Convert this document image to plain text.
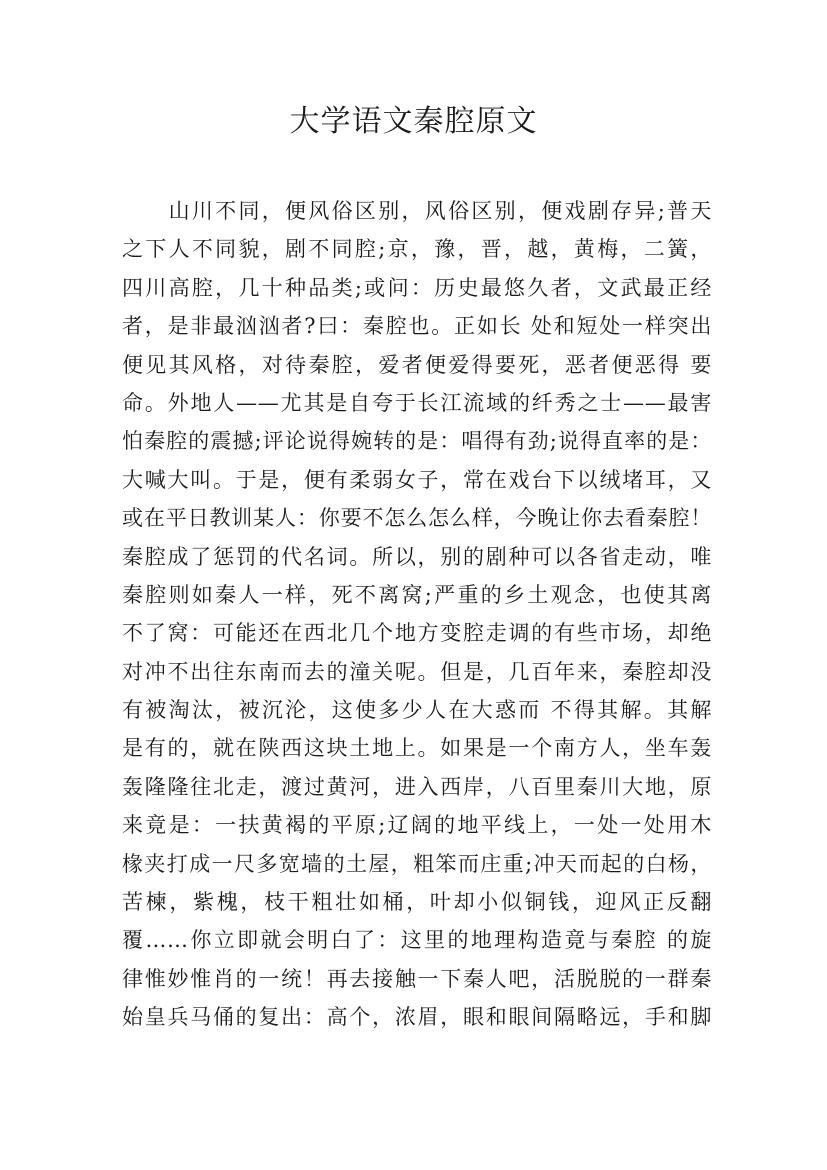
大学语文秦腔原文
　　山川不同，便风俗区别，风俗区别，便戏剧存异;普天
之下人不同貌，剧不同腔;京，豫，晋，越，黄梅，二簧，
四川高腔，几十种品类;或问：历史最悠久者，文武最正经
者，是非最汹汹者?曰：秦腔也。正如长 处和短处一样突出
便见其风格，对待秦腔，爱者便爱得要死，恶者便恶得 要
命。外地人——尤其是自夸于长江流域的纤秀之士——最害
怕秦腔的震撼;评论说得婉转的是：唱得有劲;说得直率的是：
大喊大叫。于是，便有柔弱女子，常在戏台下以绒堵耳，又
或在平日教训某人：你要不怎么怎么样，今晚让你去看秦腔！
秦腔成了惩罚的代名词。所以，别的剧种可以各省走动，唯
秦腔则如秦人一样，死不离窝;严重的乡土观念，也使其离
不了窝：可能还在西北几个地方变腔走调的有些市场，却绝
对冲不出往东南而去的潼关呢。但是，几百年来，秦腔却没
有被淘汰，被沉沦，这使多少人在大惑而 不得其解。其解
是有的，就在陕西这块土地上。如果是一个南方人，坐车轰
轰隆隆往北走，渡过黄河，进入西岸，八百里秦川大地，原
来竟是：一扶黄褐的平原;辽阔的地平线上，一处一处用木
椽夹打成一尺多宽墙的土屋，粗笨而庄重;冲天而起的白杨，
苦楝，紫槐，枝干粗壮如桶，叶却小似铜钱，迎风正反翻
覆……你立即就会明白了：这里的地理构造竟与秦腔 的旋
律惟妙惟肖的一统！再去接触一下秦人吧，活脱脱的一群秦
始皇兵马俑的复出：高个，浓眉，眼和眼间隔略远，手和脚
